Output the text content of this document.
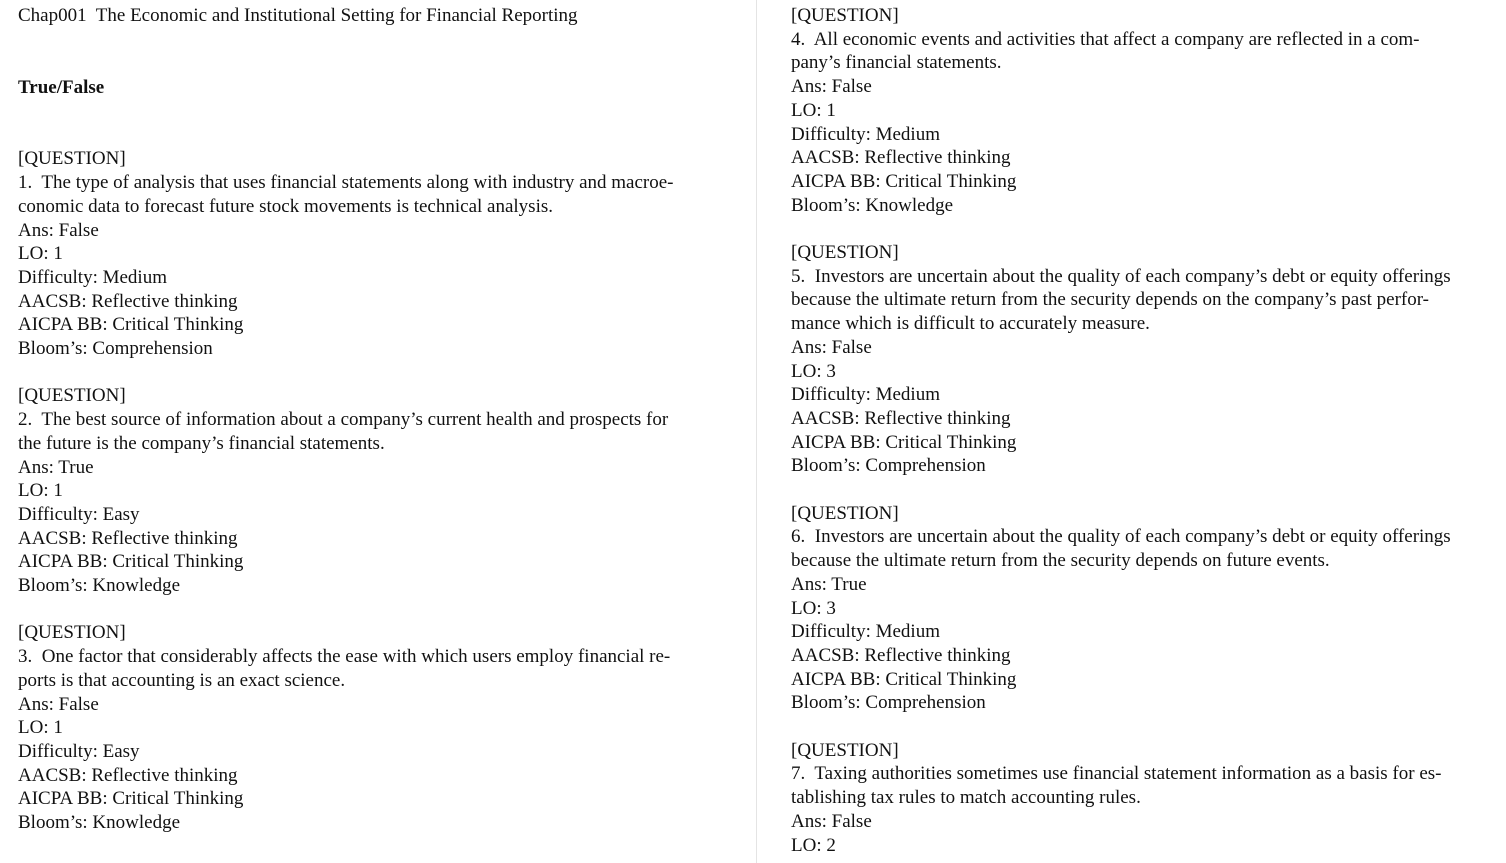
Chap001 The Economic and Institutional Setting for Financial Reporting
True/False
[QUESTION]
1.  The type of analysis that uses financial statements along with industry and macroe-
conomic data to forecast future stock movements is technical analysis.
Ans: False
LO: 1
Difficulty: Medium
AACSB: Reflective thinking
AICPA BB: Critical Thinking
Bloom’s: Comprehension
[QUESTION]
2.  The best source of information about a company’s current health and prospects for
the future is the company’s financial statements.
Ans: True
LO: 1
Difficulty: Easy
AACSB: Reflective thinking
AICPA BB: Critical Thinking
Bloom’s: Knowledge
[QUESTION]
3.  One factor that considerably affects the ease with which users employ financial re-
ports is that accounting is an exact science.
Ans: False
LO: 1
Difficulty: Easy
AACSB: Reflective thinking
AICPA BB: Critical Thinking
Bloom’s: Knowledge
[QUESTION]
4.  All economic events and activities that affect a company are reflected in a com-
pany’s financial statements.
Ans: False
LO: 1
Difficulty: Medium
AACSB: Reflective thinking
AICPA BB: Critical Thinking
Bloom’s: Knowledge
[QUESTION]
5.  Investors are uncertain about the quality of each company’s debt or equity offerings
because the ultimate return from the security depends on the company’s past perfor-
mance which is difficult to accurately measure.
Ans: False
LO: 3
Difficulty: Medium
AACSB: Reflective thinking
AICPA BB: Critical Thinking
Bloom’s: Comprehension
[QUESTION]
6.  Investors are uncertain about the quality of each company’s debt or equity offerings
because the ultimate return from the security depends on future events.
Ans: True
LO: 3
Difficulty: Medium
AACSB: Reflective thinking
AICPA BB: Critical Thinking
Bloom’s: Comprehension
[QUESTION]
7.  Taxing authorities sometimes use financial statement information as a basis for es-
tablishing tax rules to match accounting rules.
Ans: False
LO: 2
